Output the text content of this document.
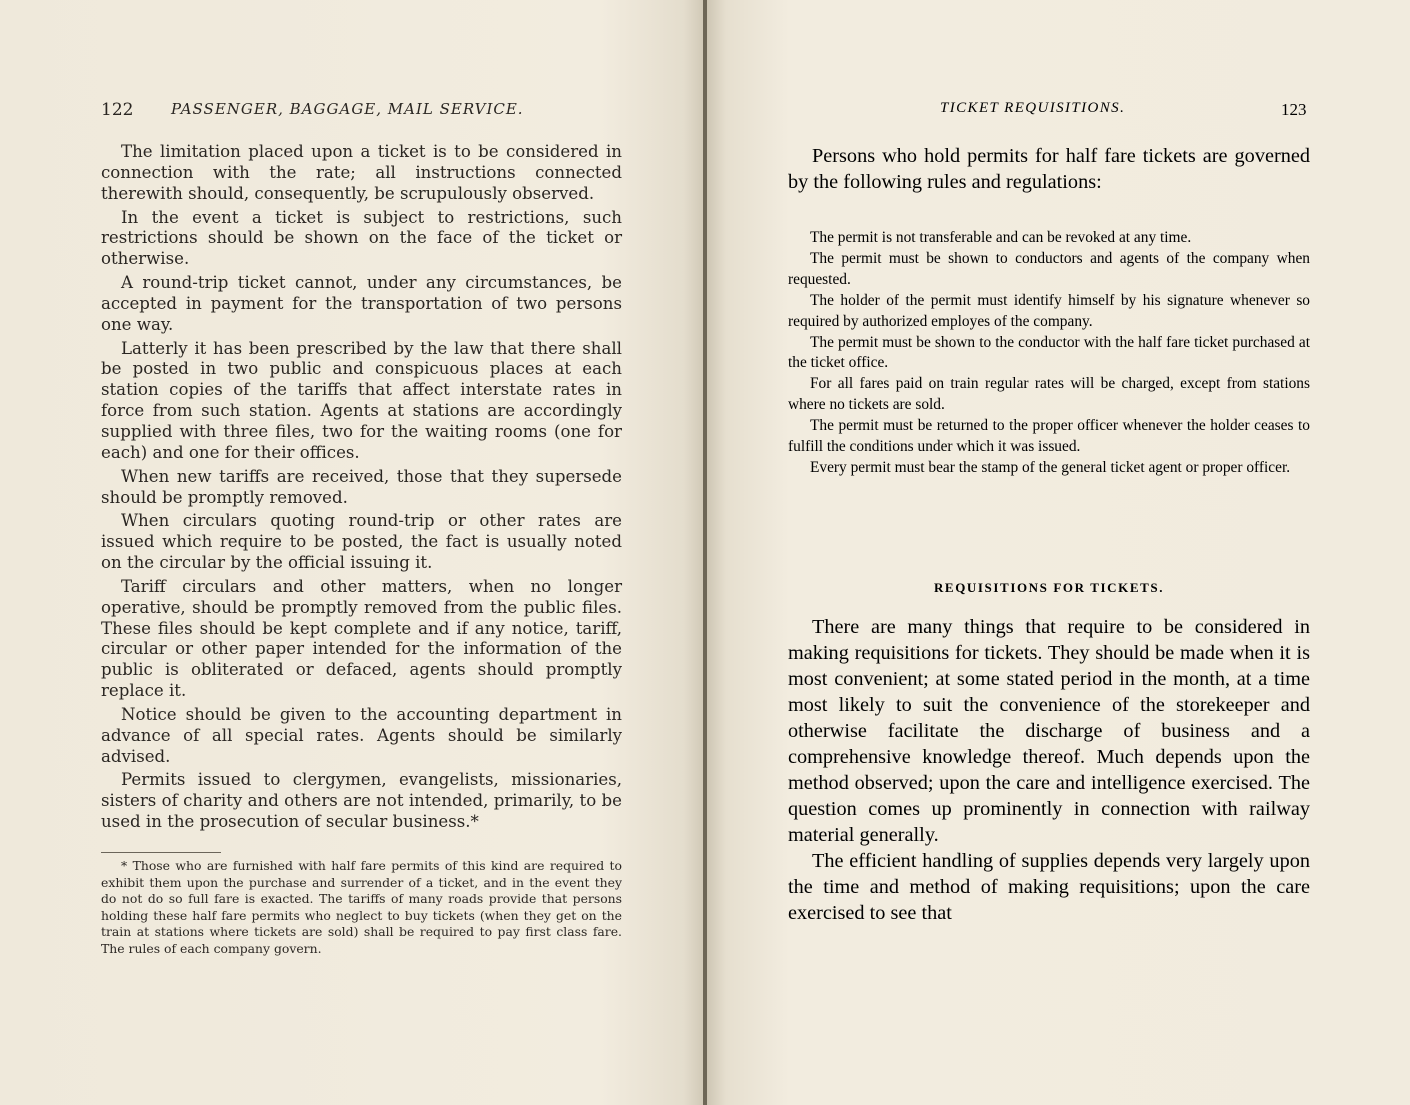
122	PASSENGER, BAGGAGE, MAIL SERVICE.

The limitation placed upon a ticket is to be considered in connection with the rate; all instructions connected therewith should, consequently, be scrupulously observed.

In the event a ticket is subject to restrictions, such restrictions should be shown on the face of the ticket or otherwise.

A round-trip ticket cannot, under any circumstances, be accepted in payment for the transportation of two persons one way.

Latterly it has been prescribed by the law that there shall be posted in two public and conspicuous places at each station copies of the tariffs that affect interstate rates in force from such station. Agents at stations are accordingly supplied with three files, two for the waiting rooms (one for each) and one for their offices.

When new tariffs are received, those that they supersede should be promptly removed.

When circulars quoting round-trip or other rates are issued which require to be posted, the fact is usually noted on the circular by the official issuing it.

Tariff circulars and other matters, when no longer operative, should be promptly removed from the public files. These files should be kept complete and if any notice, tariff, circular or other paper intended for the information of the public is obliterated or defaced, agents should promptly replace it.

Notice should be given to the accounting department in advance of all special rates. Agents should be similarly advised.

Permits issued to clergymen, evangelists, missionaries, sisters of charity and others are not intended, primarily, to be used in the prosecution of secular business.*

* Those who are furnished with half fare permits of this kind are required to exhibit them upon the purchase and surrender of a ticket, and in the event they do not do so full fare is exacted. The tariffs of many roads provide that persons holding these half fare permits who neglect to buy tickets (when they get on the train at stations where tickets are sold) shall be required to pay first class fare. The rules of each company govern.

TICKET REQUISITIONS.	123

Persons who hold permits for half fare tickets are governed by the following rules and regulations:

The permit is not transferable and can be revoked at any time.

The permit must be shown to conductors and agents of the company when requested.

The holder of the permit must identify himself by his signature whenever so required by authorized employes of the company.

The permit must be shown to the conductor with the half fare ticket purchased at the ticket office.

For all fares paid on train regular rates will be charged, except from stations where no tickets are sold.

The permit must be returned to the proper officer whenever the holder ceases to fulfill the conditions under which it was issued.

Every permit must bear the stamp of the general ticket agent or proper officer.

REQUISITIONS FOR TICKETS.

There are many things that require to be considered in making requisitions for tickets. They should be made when it is most convenient; at some stated period in the month, at a time most likely to suit the convenience of the storekeeper and otherwise facilitate the discharge of business and a comprehensive knowledge thereof. Much depends upon the method observed; upon the care and intelligence exercised. The question comes up prominently in connection with railway material generally.

The efficient handling of supplies depends very largely upon the time and method of making requisitions; upon the care exercised to see that
